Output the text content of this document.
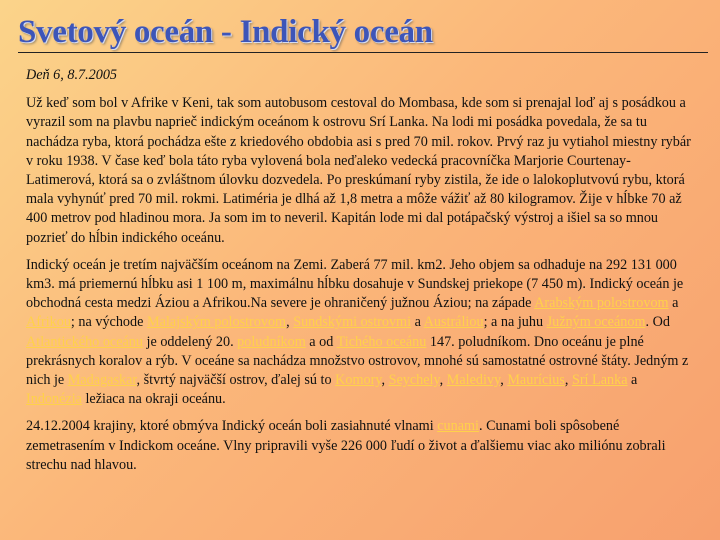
Svetový oceán - Indický oceán
Deň 6, 8.7.2005

Už keď som bol v Afrike v Keni, tak som autobusom cestoval do Mombasa, kde som si prenajal loď aj s posádkou a vyrazil som na plavbu naprieč indickým oceánom k ostrovu Srí Lanka. Na lodi mi posádka povedala, že sa tu nachádza ryba, ktorá pochádza ešte z kriedového obdobia asi s pred 70 mil. rokov. Prvý raz ju vytiahol miestny rybár v roku 1938. V čase keď bola táto ryba vylovená bola neďaleko vedecká pracovníčka Marjorie Courtenay-Latimerová, ktorá sa o zvláštnom úlovku dozvedela. Po preskúmaní ryby zistila, že ide o lalokoplutvovú rybu, ktorá mala vyhynúť pred 70 mil. rokmi. Latiméria je dlhá až 1,8 metra a môže vážiť až 80 kilogramov. Žije v hĺbke 70 až 400 metrov pod hladinou mora. Ja som im to neveril. Kapitán lode mi dal potápačský výstroj a išiel sa so mnou pozrieť do hĺbin indického oceánu.

Indický oceán je tretím najväčším oceánom na Zemi. Zaberá 77 mil. km2. Jeho objem sa odhaduje na 292 131 000 km3. má priemernú hĺbku asi 1 100 m, maximálnu hĺbku dosahuje v Sundskej priekope (7 450 m). Indický oceán je obchodná cesta medzi Áziou a Afrikou.Na severe je ohraničený južnou Áziou; na západe Arabským polostrovom a Afrikou; na východe Malajským polostrovom, Sundskými ostrovmi a Austráliou; a na juhu Južným oceánom. Od Atlantického oceánu je oddelený 20. poludníkom a od Tichého oceánu 147. poludníkom. Dno oceánu je plné prekrásnych koralov a rýb. V oceáne sa nachádza množstvo ostrovov, mnohé sú samostatné ostrovné štáty. Jedným z nich je Madagaskar, štvrtý najväčší ostrov, ďalej sú to Komory, Seychely, Maledivy, Maurícius, Srí Lanka a Indonézia ležiaca na okraji oceánu.

24.12.2004 krajiny, ktoré obmýva Indický oceán boli zasiahnuté vlnami cunami. Cunami boli spôsobené zemetrasením v Indickom oceáne. Vlny pripravili vyše 226 000 ľudí o život a ďalšiemu viac ako miliónu zobrali strechu nad hlavou.
